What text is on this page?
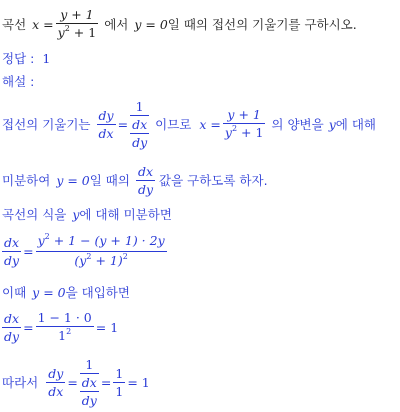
곡선 $x = \frac{y + 1}{y^2 + 1}$ 에서 y = 0 일 때의 접선의 기울기를 구하시오.
정답 : 1
해설 :
접선의 기울기는 $\frac{dy}{dx} = \frac{1}{\frac{dx}{dy}}$ 이므로 $x = \frac{y + 1}{y^2 + 1}$ 의 양변을 y 에 대해
미분하여 y = 0 일 때의 $\frac{dx}{dy}$ 값을 구하도록 하자.
곡선의 식을 y 에 대해 미분하면
$\frac{dx}{dy} = \frac{y^2 + 1 - (y + 1) \cdot 2y}{(y^2 + 1)^2}$
이때 y = 0 을 대입하면
$\frac{dx}{dy} = \frac{1 - 1 \cdot 0}{1^2} = 1$
따라서 $\frac{dy}{dx} = \frac{1}{\frac{dx}{dy}} = \frac{1}{1} = 1$
